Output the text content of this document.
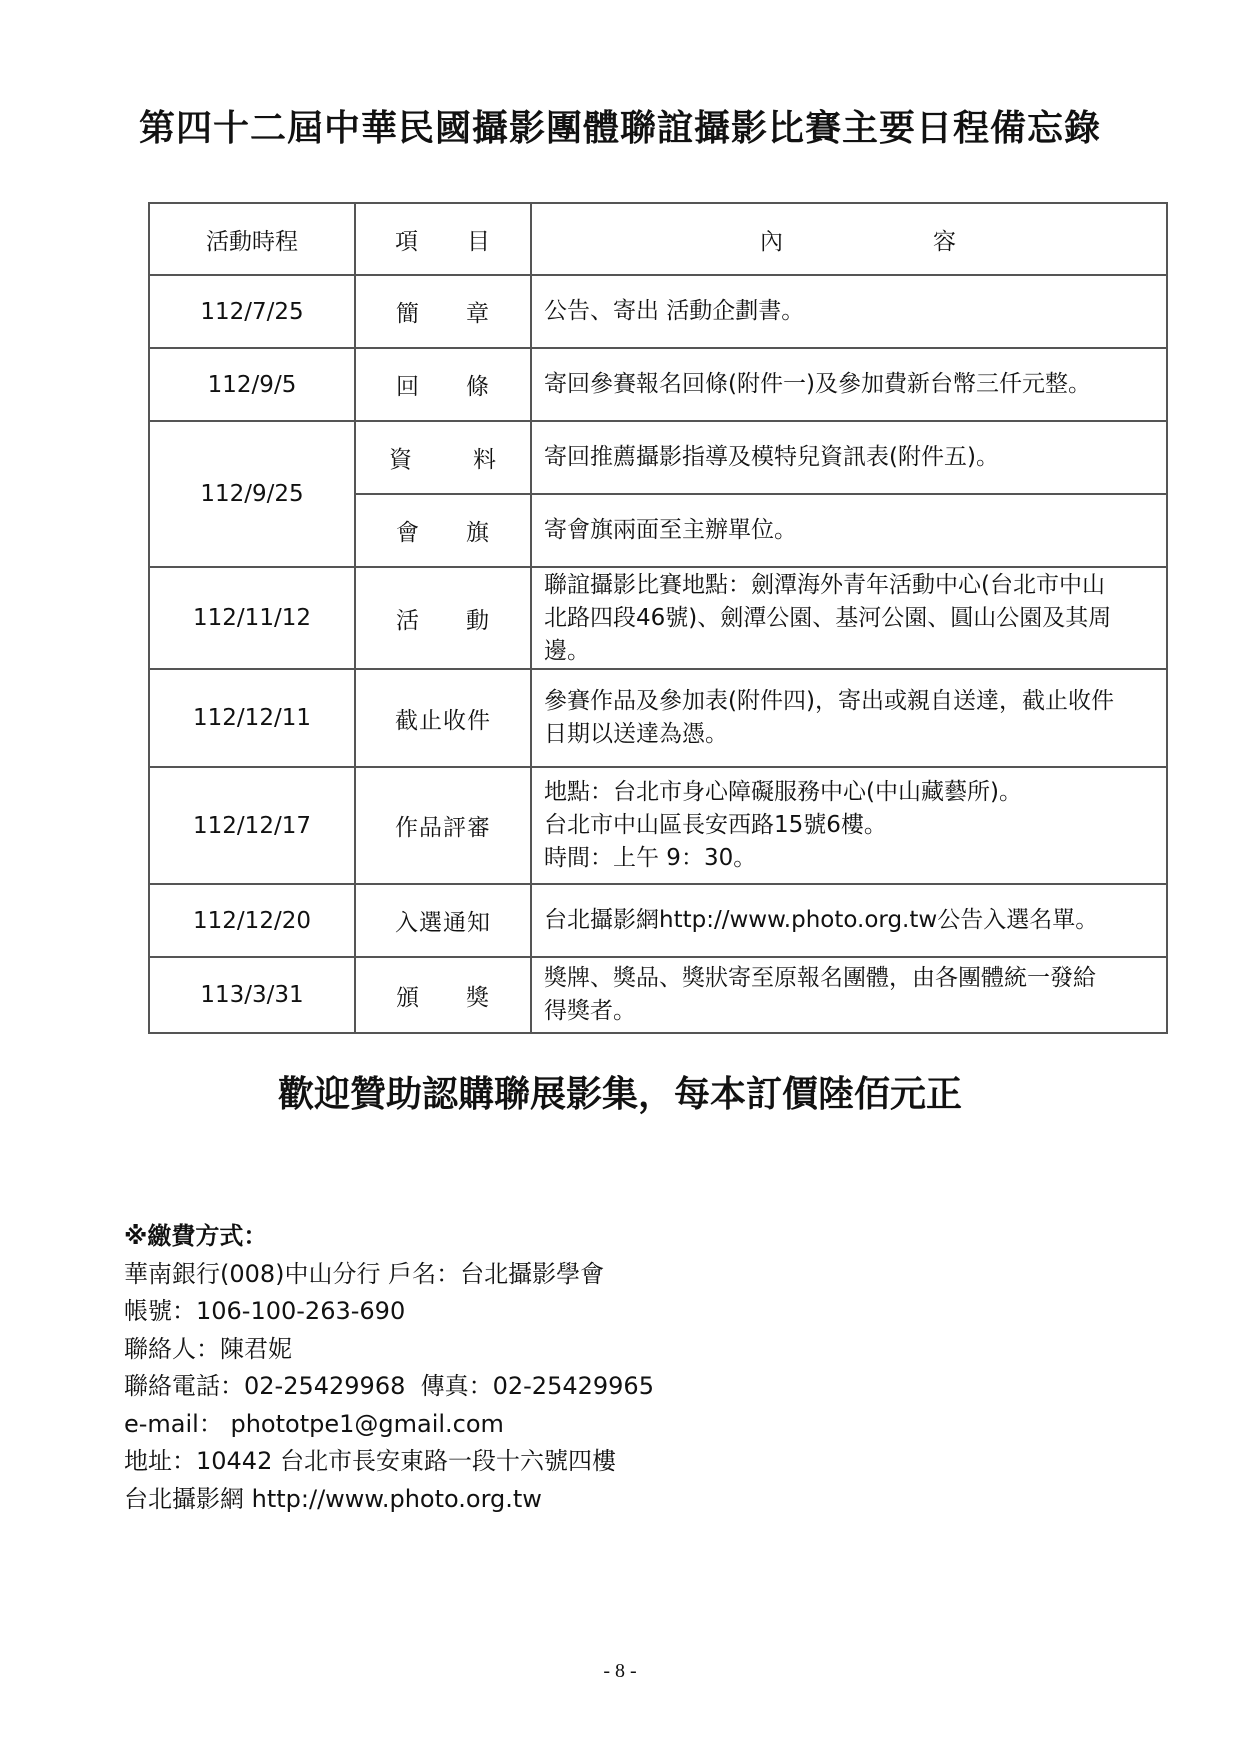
第四十二屆中華民國攝影團體聯誼攝影比賽主要日程備忘錄
活動時程	項 目	內 容
112/7/25	簡 章	公告、寄出 活動企劃書。
112/9/5	回 條	寄回參賽報名回條(附件一)及參加費新台幣三仟元整。
112/9/25	資 料	寄回推薦攝影指導及模特兒資訊表(附件五)。
	會 旗	寄會旗兩面至主辦單位。
112/11/12	活 動	聯誼攝影比賽地點：劍潭海外青年活動中心(台北市中山
北路四段46號)、劍潭公園、基河公園、圓山公園及其周
邊。

112/12/11	截止收件	參賽作品及參加表(附件四)，寄出或親自送達，截止收件
日期以送達為憑。

112/12/17	作品評審	地點：台北市身心障礙服務中心(中山藏藝所)。
台北市中山區長安西路15號6樓。
時間：上午 9：30。

112/12/20	入選通知	台北攝影網http://www.photo.org.tw公告入選名單。
113/3/31	頒 獎	獎牌、獎品、獎狀寄至原報名團體，由各團體統一發給
得獎者。
歡迎贊助認購聯展影集，每本訂價陸佰元正
※繳費方式：
華南銀行(008)中山分行 戶名：台北攝影學會
帳號：106-100-263-690
聯絡人：陳君妮
聯絡電話：02-25429968  傳真：02-25429965
e-mail： phototpe1@gmail.com
地址：10442 台北市長安東路一段十六號四樓
台北攝影網 http://www.photo.org.tw
- 8 -
